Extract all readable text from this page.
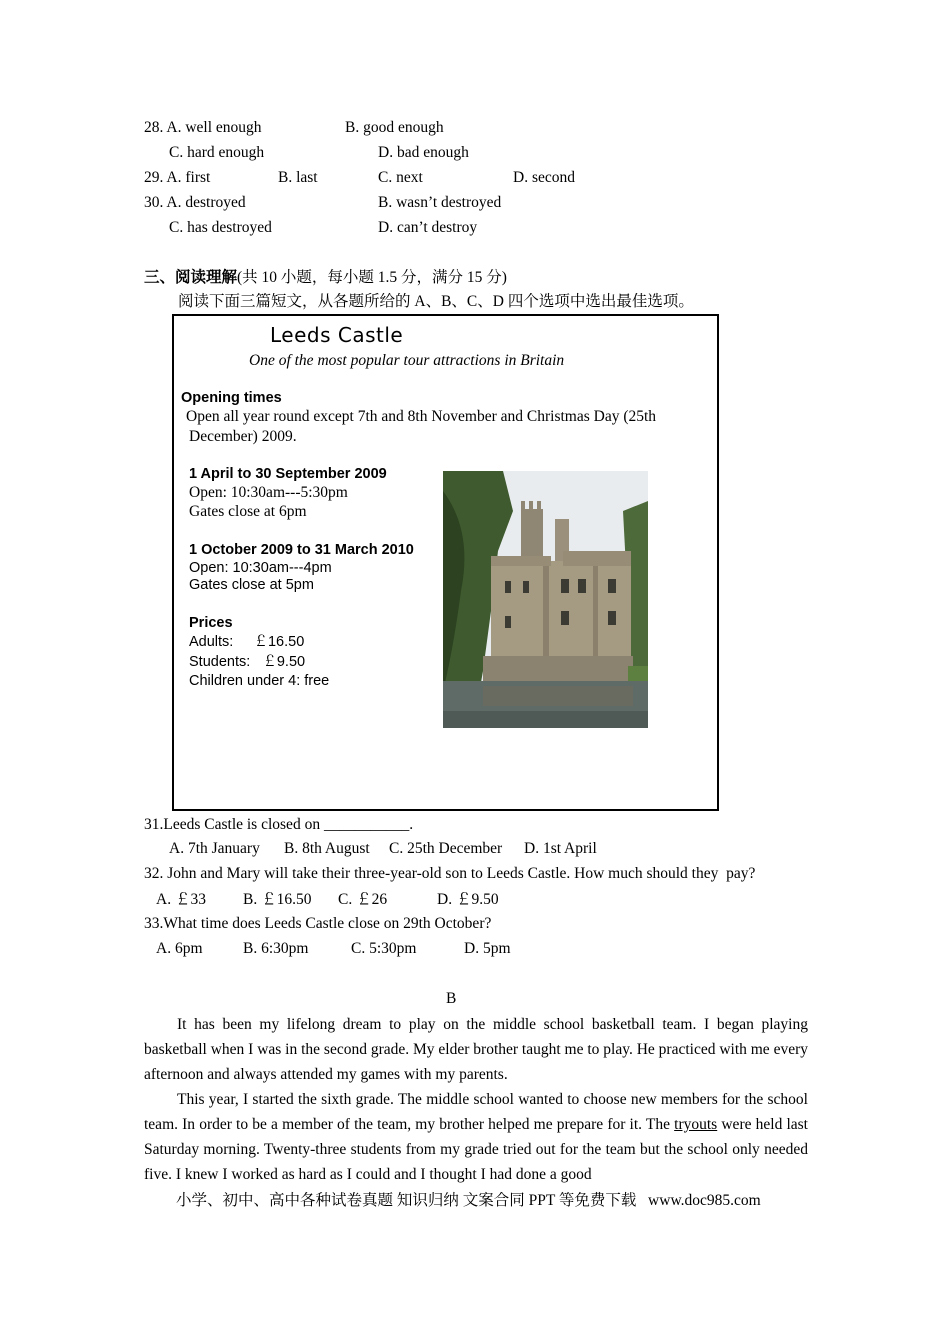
28. A. well enough	B. good enough
C. hard enough	D. bad enough
29. A. first	B. last	C. next	D. second
30. A. destroyed	B. wasn’t destroyed
C. has destroyed	D. can’t destroy
三、阅读理解(共 10 小题，每小题 1.5 分，满分 15 分)
阅读下面三篇短文，从各题所给的 A、B、C、D 四个选项中选出最佳选项。
Leeds Castle
One of the most popular tour attractions in Britain
Opening times
Open all year round except 7th and 8th November and Christmas Day (25th
December) 2009.
1 April to 30 September 2009
Open: 10:30am---5:30pm
Gates close at 6pm
1 October 2009 to 31 March 2010
Open: 10:30am---4pm
Gates close at 5pm
Prices
Adults:     ￡16.50
Students:   ￡9.50
Children under 4: free
31.Leeds Castle is closed on ___________.
A. 7th January B. 8th August C. 25th December D. 1st April
32. John and Mary will take their three-year-old son to Leeds Castle. How much should they  pay?
A. ￡33 B. ￡16.50 C. ￡26	D. ￡9.50
33.What time does Leeds Castle close on 29th October?
A. 6pm	B. 6:30pm	C. 5:30pm	D. 5pm
B

It has been my lifelong dream to play on the middle school basketball team. I began playing basketball when I was in the second grade. My elder brother taught me to play. He practiced with me every afternoon and always attended my games with my parents.

This year, I started the sixth grade. The middle school wanted to choose new members for the school team. In order to be a member of the team, my brother helped me prepare for it. The tryouts were held last Saturday morning. Twenty-three students from my grade tried out for the team but the school only needed five. I knew I worked as hard as I could and I thought I had done a good

小学、初中、高中各种试卷真题 知识归纳 文案合同 PPT 等免费下载   www.doc985.com
